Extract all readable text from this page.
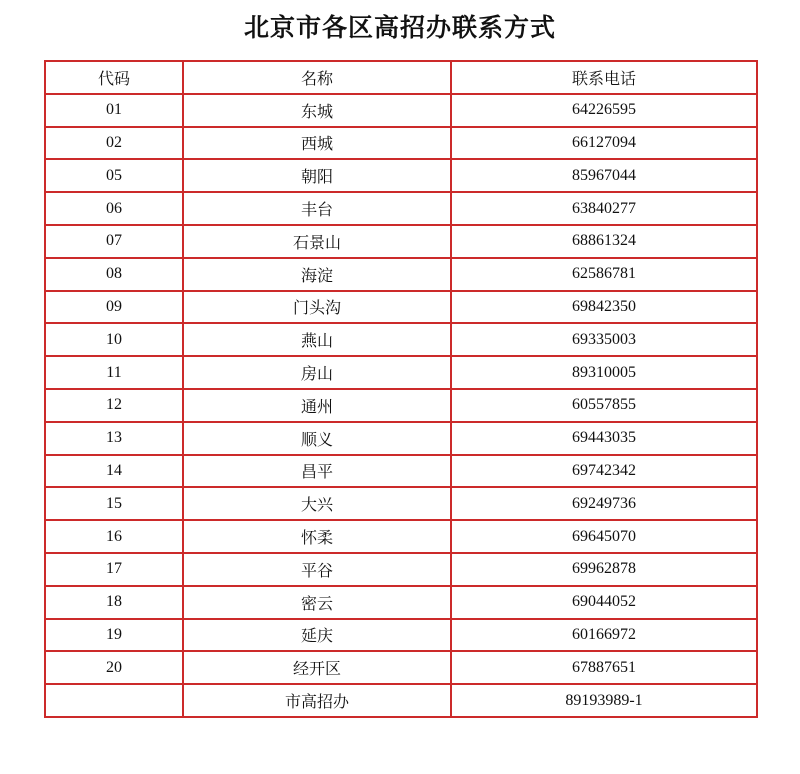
北京市各区高招办联系方式
代码	名称	联系电话
01	东城	64226595
02	西城	66127094
05	朝阳	85967044
06	丰台	63840277
07	石景山	68861324
08	海淀	62586781
09	门头沟	69842350
10	燕山	69335003
11	房山	89310005
12	通州	60557855
13	顺义	69443035
14	昌平	69742342
15	大兴	69249736
16	怀柔	69645070
17	平谷	69962878
18	密云	69044052
19	延庆	60166972
20	经开区	67887651
	市高招办	89193989-1
